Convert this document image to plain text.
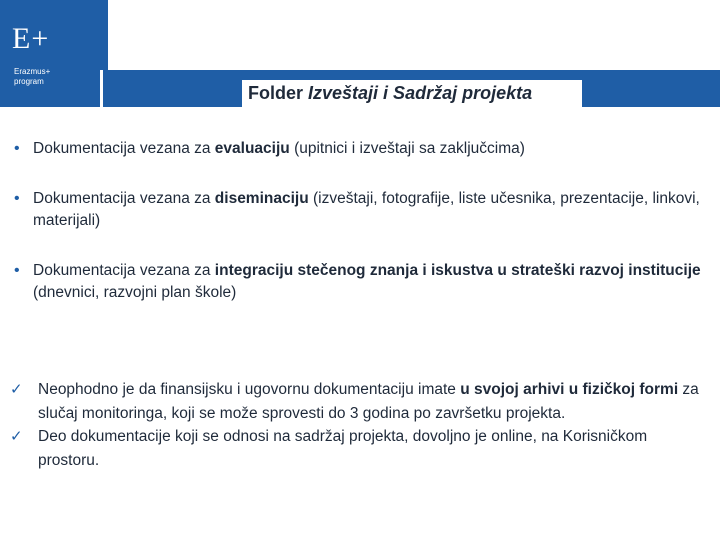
E+
Erazmus+
program
Folder Izveštaji i Sadržaj projekta
• Dokumentacija vezana za evaluaciju (upitnici i izveštaji sa zaključcima)
• Dokumentacija vezana za diseminaciju (izveštaji, fotografije, liste učesnika, prezentacije, linkovi, materijali)
• Dokumentacija vezana za integraciju stečenog znanja i iskustva u strateški razvoj institucije (dnevnici, razvojni plan škole)
✓ Neophodno je da finansijsku i ugovornu dokumentaciju imate u svojoj arhivi u fizičkoj formi za slučaj monitoringa, koji se može sprovesti do 3 godina po završetku projekta.
✓ Deo dokumentacije koji se odnosi na sadržaj projekta, dovoljno je online, na Korisničkom prostoru.
